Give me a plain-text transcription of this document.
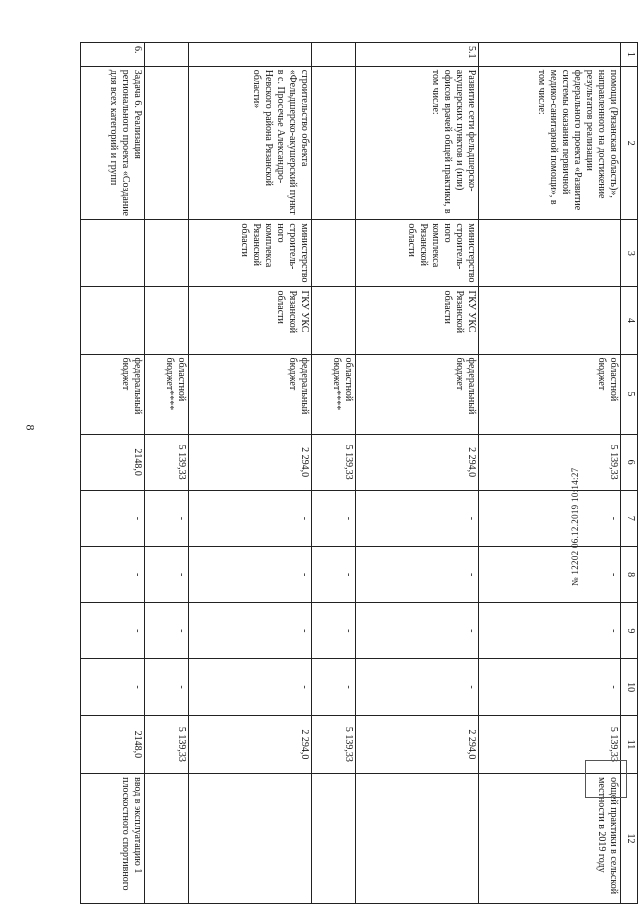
8
1	2	3	4	5	6	7	8	9	10	11	12
	помощи (Рязанская область)», направленного на достижение результатов реализации федерального проекта «Развитие системы оказания первичной медико-санитарной помощи», в том числе:			областной бюджет	5 139,33	-	-	-	-	5 139,33	общей практики в сельской местности в 2019 году
5.1	Развитие сети фельдшерско-акушерских пунктов и (или) офисов врачей общей практики, в том числе:	министерство строитель-ного комплекса Рязанской области	ГКУ УКС Рязанской области	федеральный бюджет	2 294,0	-	-	-	-	2 294,0	
				областной бюджет****	5 139,33	-	-	-	-	5 139,33	
	строительство объекта «Фельдшерско-акушерский пункт в с. Просечье Александро-Невского района Рязанской области»	министерство строитель-ного комплекса Рязанской области	ГКУ УКС Рязанской области	федеральный бюджет	2 294,0	-	-	-	-	2 294,0	
				областной бюджет****	5 139,33	-	-	-	-	5 139,33	
6.	Задача 6. Реализация регионального проекта «Создание для всех категорий и групп			федеральный бюджет	2148,0	-	-	-	-	2148,0	ввод в эксплуатацию 1 плоскостного спортивного
№ 12202 06.12.2019 10:14:27
